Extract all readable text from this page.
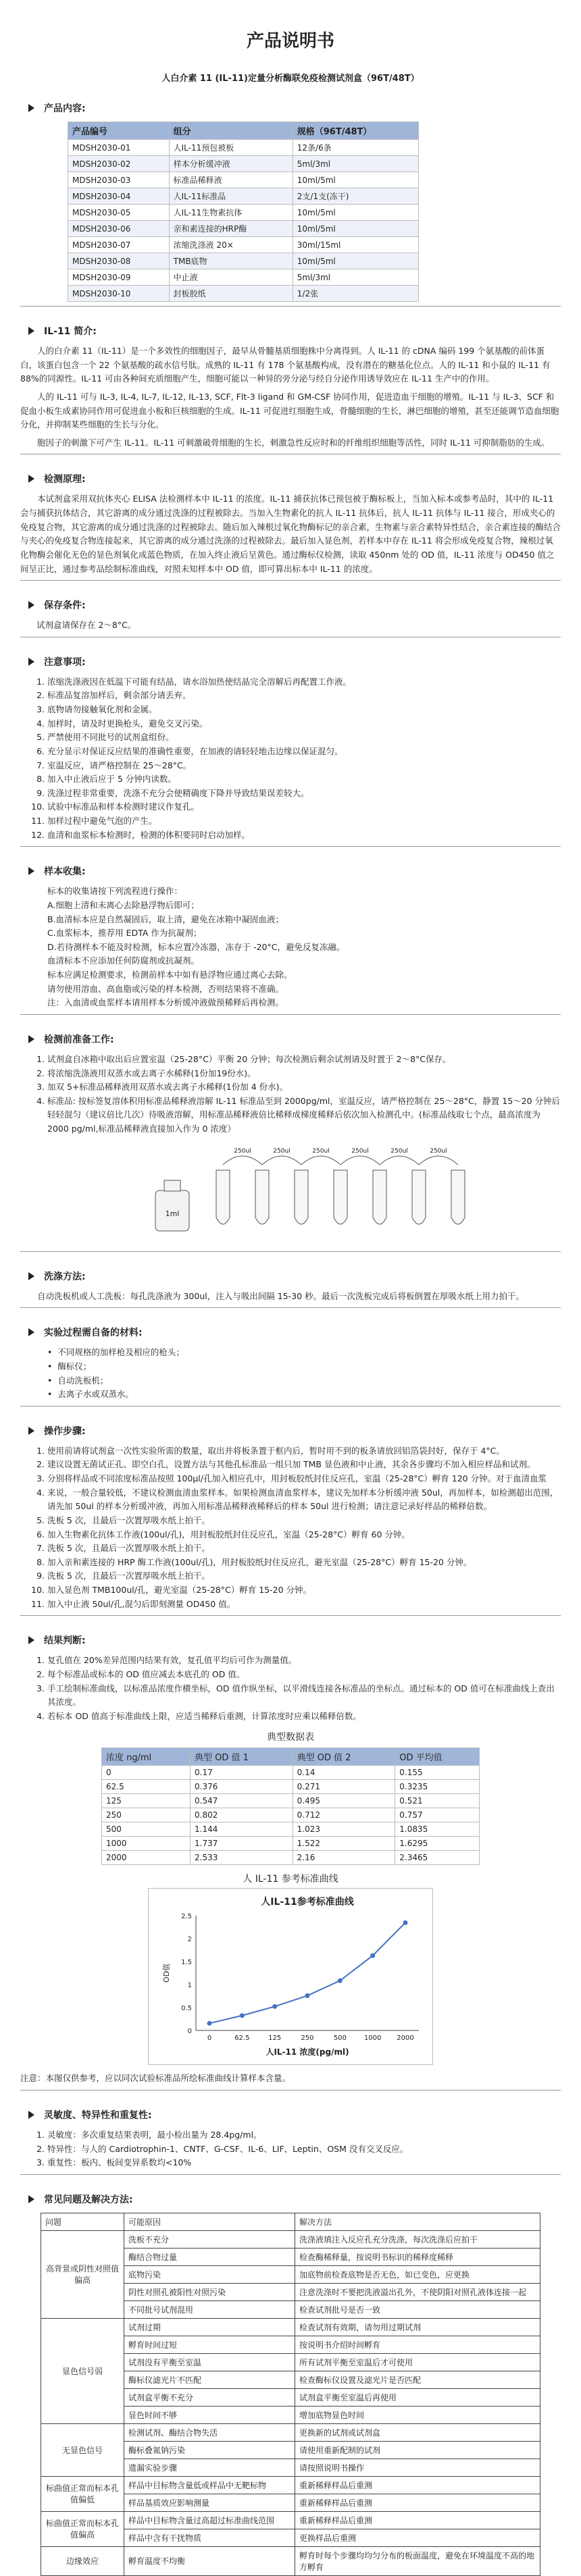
产品说明书
人白介素 11 (IL-11)定量分析酶联免疫检测试剂盒（96T/48T）
产品内容:
产品编号	组分	规格（96T/48T）
MDSH2030-01	人IL-11预包被板	12条/6条
MDSH2030-02	样本分析缓冲液	5ml/3ml
MDSH2030-03	标准品稀释液	10ml/5ml
MDSH2030-04	人IL-11标准品	2支/1支(冻干)
MDSH2030-05	人IL-11生物素抗体	10ml/5ml
MDSH2030-06	亲和素连接的HRP酶	10ml/5ml
MDSH2030-07	浓缩洗涤液 20×	30ml/15ml
MDSH2030-08	TMB底物	10ml/5ml
MDSH2030-09	中止液	5ml/3ml
MDSH2030-10	封板胶纸	1/2张
IL-11 简介:

人的白介素 11（IL-11）是一个多效性的细胞因子，最早从骨髓基质细胞株中分离得到。人 IL-11 的 cDNA 编码 199 个氨基酸的前体蛋白，该蛋白包含一个 22 个氨基酸的疏水信号肽。成熟的 IL-11 有 178 个氨基酸构成，没有潜在的糖基化位点。人的 IL-11 和小鼠的 IL-11 有 88%的同源性。IL-11 可由各种间充质细胞产生，细胞可能以一种异的旁分泌与经自分泌作用诱导效应在 IL-11 生产中的作用。

人的 IL-11 可与 IL-3, IL-4, IL-7, IL-12, IL-13, SCF, Flt-3 ligand 和 GM-CSF 协同作用，促进造血干细胞的增殖。IL-11 与 IL-3、SCF 和促血小板生成素协同作用可促进血小板和巨核细胞的生成。IL-11 可促进红细胞生成，骨髓细胞的生长，淋巴细胞的增殖，甚至还能调节造血细胞分化，并抑制某些细胞的生长与分化。

胞因子的刺激下可产生 IL-11。IL-11 可刺激破骨细胞的生长，刺激急性反应时和的纤维组织细胞等活性，同时 IL-11 可抑制脂肪的生成。

检测原理:

本试剂盒采用双抗体夹心 ELISA 法检测样本中 IL-11 的浓度。IL-11 捕获抗体已预包被于酶标板上，当加入标本或参考品时，其中的 IL-11 会与捕获抗体结合，其它游离的成分通过洗涤的过程被除去。当加入生物素化的抗人 IL-11 抗体后，抗人 IL-11 抗体与 IL-11 接合，形成夹心的免疫复合物，其它游离的成分通过洗涤的过程被除去。随后加入辣根过氧化物酶标记的亲合素，生物素与亲合素特异性结合，亲合素连接的酶结合与夹心的免疫复合物连接起来，其它游离的成分通过洗涤的过程被除去。最后加入显色剂，若样本中存在 IL-11 将会形成免疫复合物，辣根过氧化物酶会催化无色的显色剂氧化成蓝色物质，在加入终止液后呈黄色。通过酶标仪检测，读取 450nm 处的 OD 值，IL-11 浓度与 OD450 值之间呈正比，通过参考品绘制标准曲线，对照未知样本中 OD 值，即可算出标本中 IL-11 的浓度。

保存条件:

试剂盒请保存在 2～8°C。

注意事项:
1. 浓缩洗涤液因在低温下可能有结晶，请水浴加热使结晶完全溶解后再配置工作液。
2. 标准品复溶加样后，剩余部分请丢弃。
3. 底物请勿接触氧化剂和金属。
4. 加样时，请及时更换枪头，避免交叉污染。
5. 严禁使用不同批号的试剂盒组份。
6. 充分显示对保证反应结果的准确性重要，在加液的请轻轻地击边缘以保证混匀。
7. 室温反应，请严格控制在 25～28°C。
8. 加入中止液后应于 5 分钟内读数。
9. 洗涤过程非常重要，洗涤不充分会使精确度下降并导致结果误差较大。
10. 试验中标准品和样本检测时建议作复孔。
11. 加样过程中避免气泡的产生。
12. 血清和血浆标本检测时，检测的体积要同时启动加样。
样本收集:
标本的收集请按下列流程进行操作：
A.细胞上清和未离心去除悬浮物后即可；
B.血清标本应是自然凝固后，取上清，避免在冰箱中凝固血液；
C.血浆标本，推荐用 EDTA 作为抗凝剂；
D.若待测样本不能及时检测，标本应置冷冻器，冻存于 -20°C，避免反复冻融。
血清标本不应添加任何防腐剂或抗凝剂。
标本应满足检测要求，检测前样本中如有悬浮物应通过离心去除。
请勿使用溶血、高血脂或污染的样本检测，否则结果将不准确。
注：入血清或血浆样本请用样本分析缓冲液做预稀释后再检测。
检测前准备工作:
1. 试剂盒自冰箱中取出后应置室温（25-28°C）平衡 20 分钟；每次检测后剩余试剂请及时置于 2～8°C保存。
2. 将浓缩洗涤液用双蒸水或去离子水稀释(1份加19份水)。
3. 加双 5+标准品稀释液用双蒸水或去离子水稀释(1份加 4 份水)。
4. 标准品: 按标签复溶体积用标准品稀释液溶解 IL-11 标准品至到 2000pg/ml，室温反应，请严格控制在 25～28°C，静置 15～20 分钟后轻轻混匀（建议倍比几次）待吸液溶解，用标准品稀释液倍比稀释成梯度稀释后依次加入检测孔中。(标准品线取七个点，最高浓度为 2000 pg/ml,标准品稀释液直接加入作为 0 浓度）
1ml
250ul	250ul	250ul	250ul	250ul	250ul
洗涤方法:

自动洗板机或人工洗板：每孔洗涤液为 300ul，注入与吸出间隔 15-30 秒。最后一次洗板完成后将板倒置在厚吸水纸上用力拍干。

实验过程需自备的材料:
• 不同规格的加样枪及相应的枪头；
• 酶标仪；
• 自动洗板机；
• 去离子水或双蒸水。
操作步骤:
1. 使用前请将试剂盒一次性实验所需的数量，取出并将板条置于框内后，暂时用不到的板条请放回铝箔袋封好，保存于 4°C。
2. 建议设置无菌试正孔、即空白孔，设置方法与其他孔标准品一组只加 TMB 显色液和中止液，其余各步骤均不加入相应样品和试剂。
3. 分别将样品或不同浓度标准品按照 100μl/孔加入相应孔中，用封板胶纸封住反应孔，室温（25-28°C）孵育 120 分钟。对于血清血浆
4. 来说，一般合量较低，不建议检测血清血浆样本。如果检测血清血浆样本，建议先加样本分析缓冲液 50ul，再加样本，如检测超出范围，请先加 50ul 的样本分析缓冲液，再加入用标准品稀释液稀释后的样本 50ul 进行检测；请注意记录好样品的稀释倍数。
5. 洗板 5 次，且最后一次置厚吸水纸上拍干。
6. 加入生物素化抗体工作液(100ul/孔)，用封板胶纸封住反应孔，室温（25-28°C）孵育 60 分钟。
7. 洗板 5 次，且最后一次置厚吸水纸上拍干。
8. 加入亲和素连接的 HRP 酶工作液(100ul/孔)，用封板胶纸封住反应孔，避光室温（25-28°C）孵育 15-20 分钟。
9. 洗板 5 次，且最后一次置厚吸水纸上拍干。
10. 加入显色剂 TMB100ul/孔，避光室温（25-28°C）孵育 15-20 分钟。
11. 加入中止液 50ul/孔,混匀后即刻测量 OD450 值。
结果判断:
1. 复孔值在 20%差异范围内结果有效，复孔值平均后可作为测量值。
2. 每个标准品或标本的 OD 值应减去本底孔的 OD 值。
3. 手工绘制标准曲线，以标准品浓度作横坐标，OD 值作纵坐标，以平滑线连接各标准品的坐标点。通过标本的 OD 值可在标准曲线上查出其浓度。
4. 若标本 OD 值高于标准曲线上限，应适当稀释后重测，计算浓度时应乘以稀释倍数。
典型数据表
浓度 ng/ml	典型 OD 值 1	典型 OD 值 2	OD 平均值
0	0.17	0.14	0.155
62.5	0.376	0.271	0.3235
125	0.547	0.495	0.521
250	0.802	0.712	0.757
500	1.144	1.023	1.0835
1000	1.737	1.522	1.6295
2000	2.533	2.16	2.3465
人 IL-11 参考标准曲线
人IL-11参考标准曲线
0
0.5
1
1.5
2
2.5
0	62.5	125	250	500	1000 2000
OD值
人IL-11 浓度(pg/ml)

注意：本图仅供参考，应以同次试验标准品所绘标准曲线计算样本含量。

灵敏度、特异性和重复性:
1. 灵敏度：多次重复结果表明，最小检出量为 28.4pg/ml。
2. 特异性：与人的 Cardiotrophin-1、CNTF、G-CSF、IL-6、LIF、Leptin、OSM 没有交叉反应。
3. 重复性：板内、板间变异系数均<10%
常见问题及解决方法:
问题	可能原因	解决方法
高背景或阴性对照值偏高	洗板不充分	洗涤液填注入反应孔充分洗涤，每次洗涤后应拍干
	酶结合物过量	检查酶稀释量，按说明书标识的稀释度稀释
	底物污染	加底物前检查底物是否无色，如已变色，应更换
	阴性对照孔被阳性对照污染	注意洗涤时不要把洗液溢出孔外，不使阴阳对照孔液体连接一起
	不同批号试剂混用	检查试剂批号是否一致
显色信号弱	试剂过期	检查试剂有效期，请勿用过期试剂
	孵育时间过短	按说明书介绍时间孵育
	试剂没有平衡至室温	所有试剂平衡至室温后才可使用
	酶标仪滤光片不匹配	检查酶标仪设置及滤光片是否匹配
	试剂盒平衡不充分	试剂盒平衡至室温后再使用
	显色时间不够	增加底物显色时间
无显色信号	检测试剂、酶结合物失活	更换新的试剂或试剂盒
	酶标叠氮钠污染	请使用重新配制的试剂
	遗漏实验步骤	请按照说明书操作
标曲值正常而标本孔值偏低	样品中目标物含量低或样品中无靶标物	重新稀释样品后重测
	样品基质效应影响测量	重新稀释样品后重测
标曲值正常而标本孔值偏高	样品中目标物含量过高超过标准曲线范围	重新稀释样品后重测
	样品中含有干扰物质	更换样品后重测
边缘效应	孵育温度不均衡	孵育时每个步骤均均匀分布的板面温度，避免在环境温度不高的地方孵育
